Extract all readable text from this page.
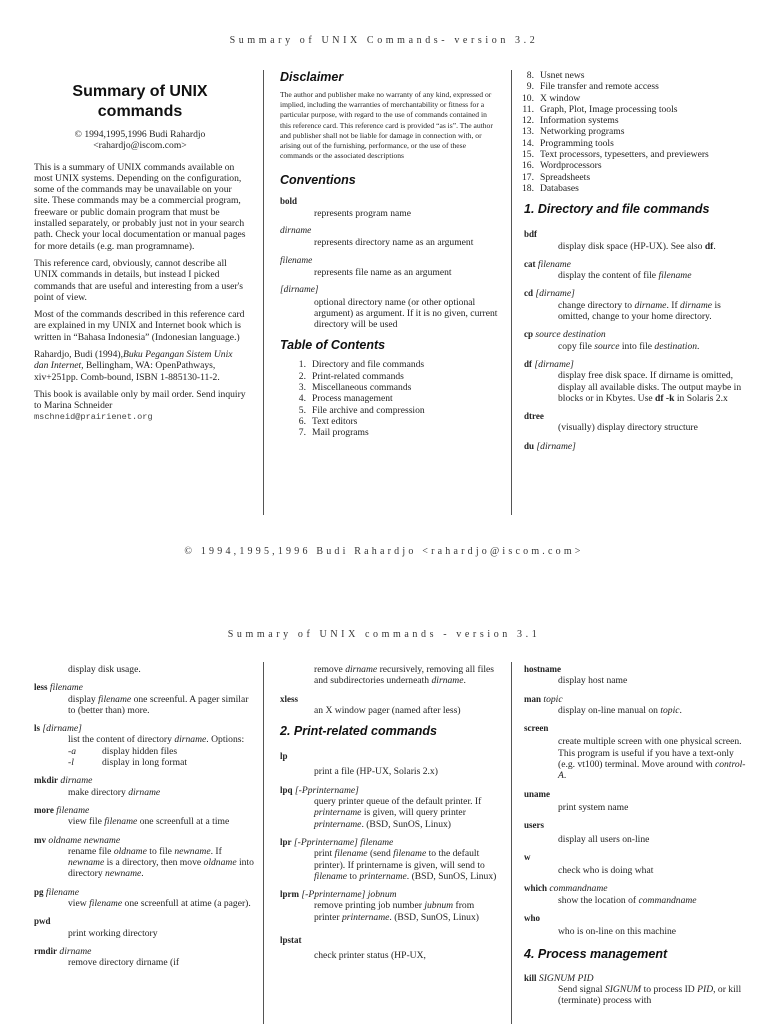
Summary of UNIX Commands- version 3.2
Summary of UNIX
commands
© 1994,1995,1996 Budi Rahardjo
<rahardjo@iscom.com>
This is a summary of UNIX commands available on most UNIX systems. Depending on the configuration, some of the commands may be unavailable on your site. These commands may be a commercial program, freeware or public domain program that must be installed separately, or probably just not in your search path. Check your local documentation or manual pages for more details (e.g. man programname).
This reference card, obviously, cannot describe all UNIX commands in details, but instead I picked commands that are useful and interesting from a user's point of view.
Most of the commands described in this reference card are explained in my UNIX and Internet book which is written in “Bahasa Indonesia” (Indonesian language.)
Rahardjo, Budi (1994),Buku Pegangan Sistem Unix dan Internet, Bellingham, WA: OpenPathways, xiv+251pp. Comb-bound, ISBN 1-885130-11-2.
This book is available only by mail order. Send inquiry to Marina Schneider
mschneid@prairienet.org
Disclaimer
The author and publisher make no warranty of any kind, expressed or implied, including the warranties of merchantability or fitness for a particular purpose, with regard to the use of commands contained in this reference card. This reference card is provided “as is”. The author and publisher shall not be liable for damage in connection with, or arising out of the furnishing, performance, or the use of these commands or the associated descriptions
Conventions
bold
represents program name
dirname
represents directory name as an argument
filename
represents file name as an argument
[dirname]
optional directory name (or other optional argument) as argument. If it is no given, current directory will be used
Table of Contents
1. Directory and file commands
2. Print-related commands
3. Miscellaneous commands
4. Process management
5. File archive and compression
6. Text editors
7. Mail programs
8. Usnet news
9. File transfer and remote access
10. X window
11. Graph, Plot, Image processing tools
12. Information systems
13. Networking programs
14. Programming tools
15. Text processors, typesetters, and previewers
16. Wordprocessors
17. Spreadsheets
18. Databases
1. Directory and file commands
bdf
display disk space (HP-UX). See also df.
cat filename
display the content of file filename
cd [dirname]
change directory to dirname. If dirname is omitted, change to your home directory.
cp source destination
copy file source into file destination.
df [dirname]
display free disk space. If dirname is omitted, display all available disks. The output maybe in blocks or in Kbytes. Use df -k in Solaris 2.x
dtree
(visually) display directory structure
du [dirname]
© 1994,1995,1996 Budi Rahardjo <rahardjo@iscom.com>
Summary of UNIX commands - version 3.1
display disk usage.
less filename
display filename one screenful. A pager similar to (better than) more.
ls [dirname]
list the content of directory dirname. Options:
-a	display hidden files
-l	display in long format
mkdir dirname
make directory dirname
more filename
view file filename one screenfull at a time
mv oldname newname
rename file oldname to file newname. If newname is a directory, then move oldname into directory newname.
pg filename
view filename one screenfull at atime (a pager).
pwd
print working directory
rmdir dirname
remove directory dirname (if
remove dirname recursively, removing all files and subdirectories underneath dirname.
xless
an X window pager (named after less)
2. Print-related commands
lp
print a file (HP-UX, Solaris 2.x)
lpq [-Pprintername]
query printer queue of the default printer. If printername is given, will query printer printername. (BSD, SunOS, Linux)
lpr [-Pprintername] filename
print filename (send filename to the default printer). If printername is given, will send to filename to printername. (BSD, SunOS, Linux)
lprm [-Pprintername] jobnum
remove printing job number jubnum from printer printername. (BSD, SunOS, Linux)
lpstat
check printer status (HP-UX,
hostname
display host name
man topic
display on-line manual on topic.
screen
create multiple screen with one physical screen. This program is useful if you have a text-only (e.g. vt100) terminal. Move around with control-A.
uname
print system name
users
display all users on-line
w
check who is doing what
which commandname
show the location of commandname
who
who is on-line on this machine
4. Process management
kill SIGNUM PID
Send signal SIGNUM to process ID PID, or kill (terminate) process with
